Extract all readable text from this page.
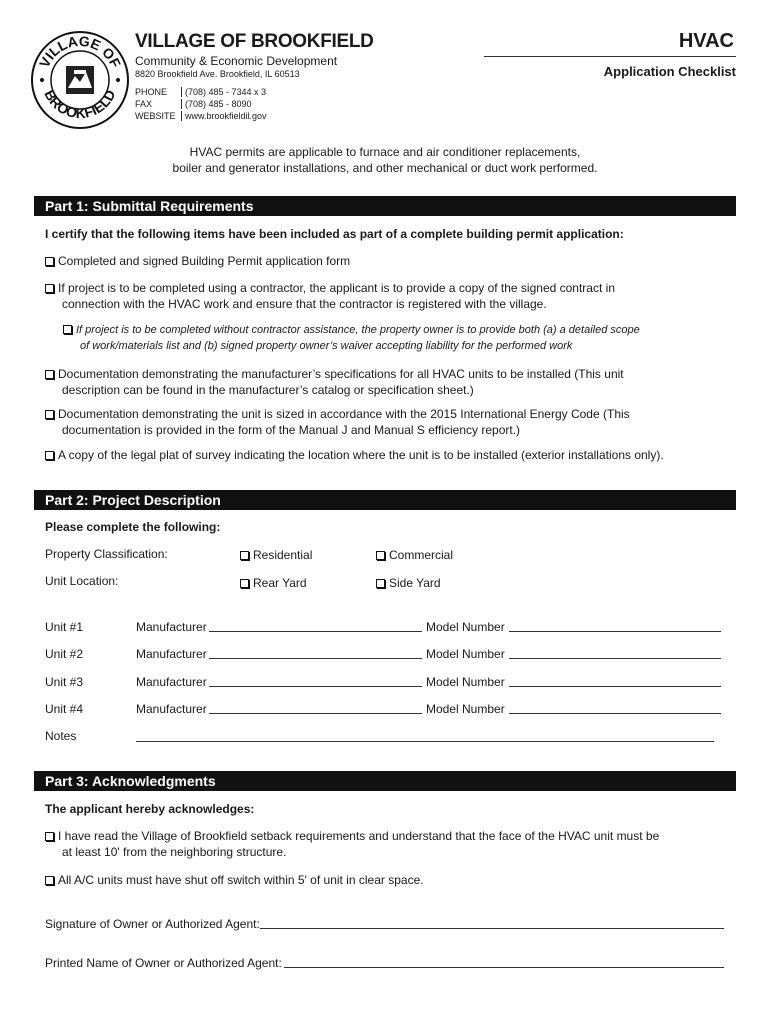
VILLAGE OF
BROOKFIELD
VILLAGE OF BROOKFIELD
Community & Economic Development
8820 Brookfield Ave. Brookfield, IL 60513
PHONE (708) 485 - 7344 x 3
FAX	(708) 485 - 8090
WEBSITE www.brookfieldil.gov
HVAC
Application Checklist
HVAC permits are applicable to furnace and air conditioner replacements,
boiler and generator installations, and other mechanical or duct work performed.
Part 1: Submittal Requirements
I certify that the following items have been included as part of a complete building permit application:
Completed and signed Building Permit application form
If project is to be completed using a contractor, the applicant is to provide a copy of the signed contract in
connection with the HVAC work and ensure that the contractor is registered with the village.
If project is to be completed without contractor assistance, the property owner is to provide both (a) a detailed scope
of work/materials list and (b) signed property owner’s waiver accepting liability for the performed work
Documentation demonstrating the manufacturer’s specifications for all HVAC units to be installed (This unit
description can be found in the manufacturer’s catalog or specification sheet.)
Documentation demonstrating the unit is sized in accordance with the 2015 International Energy Code (This
documentation is provided in the form of the Manual J and Manual S efficiency report.)
A copy of the legal plat of survey indicating the location where the unit is to be installed (exterior installations only).
Part 2: Project Description
Please complete the following:
Property Classification:	Residential	Commercial
Unit Location:	Rear Yard	Side Yard
Unit #1	Manufacturer	Model Number
Unit #2	Manufacturer	Model Number
Unit #3	Manufacturer	Model Number
Unit #4	Manufacturer	Model Number
Notes
Part 3: Acknowledgments
The applicant hereby acknowledges:
I have read the Village of Brookfield setback requirements and understand that the face of the HVAC unit must be
at least 10' from the neighboring structure.
All A/C units must have shut off switch within 5' of unit in clear space.
Signature of Owner or Authorized Agent:
Printed Name of Owner or Authorized Agent:
